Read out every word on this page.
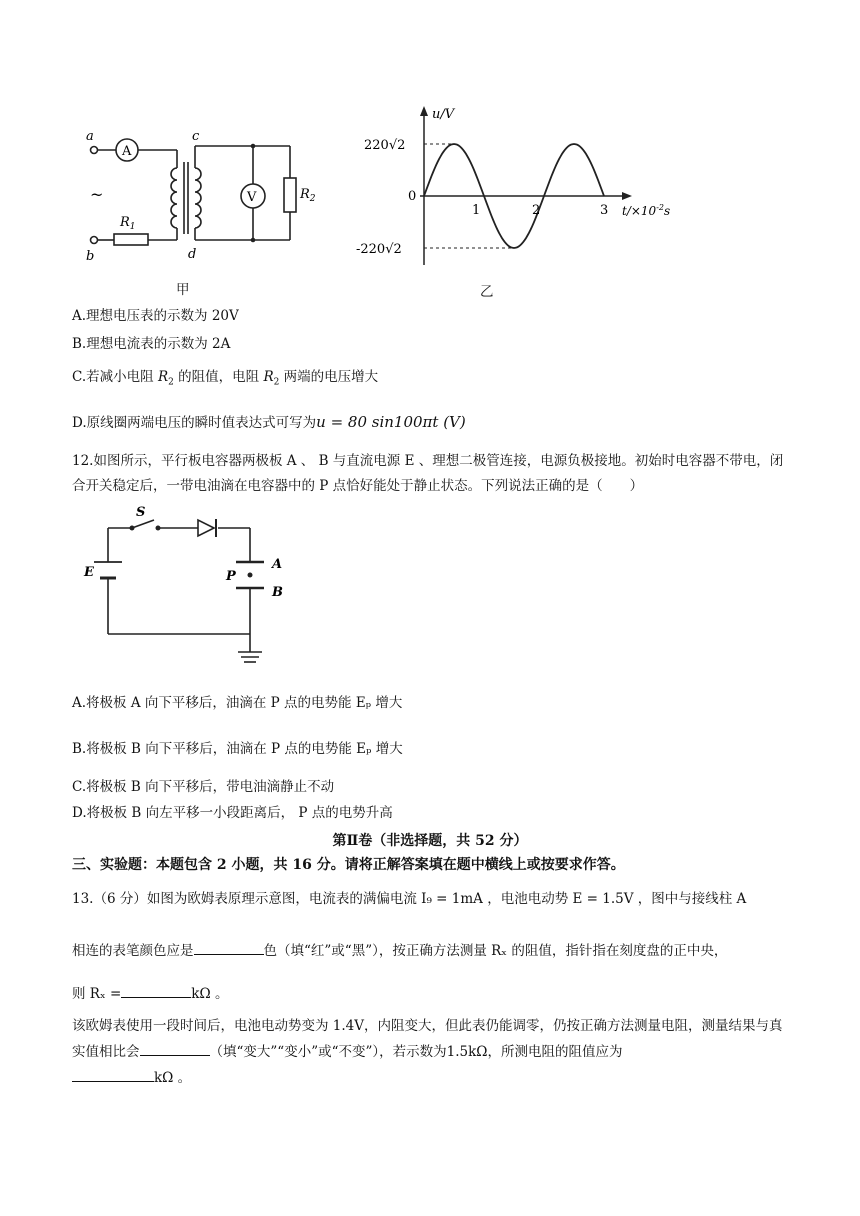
a
b
A
V
~
$R_1$
$R_2$
c
d
甲
u/V
$t/\times 10^{-2}s$
220√2
-220√2
0
1	2	3
乙
A.理想电压表的示数为 20V
B.理想电流表的示数为 2A
C.若减小电阻 $R_2$ 的阻值，电阻 $R_2$ 两端的电压增大
D.原线圈两端电压的瞬时值表达式可写为u = 80 sin100πt (V)
12.如图所示，平行板电容器两极板 A 、 B 与直流电源 E 、理想二极管连接，电源负极接地。初始时电容器不带电，闭合开关稳定后，一带电油滴在电容器中的 P 点恰好能处于静止状态。下列说法正确的是（　　）
S
E
A
B
P
A.将极板 A 向下平移后，油滴在 P 点的电势能 Eₚ 增大
B.将极板 B 向下平移后，油滴在 P 点的电势能 Eₚ 增大
C.将极板 B 向下平移后，带电油滴静止不动
D.将极板 B 向左平移一小段距离后， P 点的电势升高
第Ⅱ卷（非选择题，共 52 分）
三、实验题：本题包含 2 小题，共 16 分。请将正解答案填在题中横线上或按要求作答。
13.（6 分）如图为欧姆表原理示意图，电流表的满偏电流 I₉ = 1mA ，电池电动势 E = 1.5V ，图中与接线柱 A
相连的表笔颜色应是	色（填“红”或“黑”），按正确方法测量 Rₓ 的阻值，指针指在刻度盘的正中央，
则 Rₓ =	kΩ 。
该欧姆表使用一段时间后，电池电动势变为 1.4V，内阻变大，但此表仍能调零，仍按正确方法测量电阻，测量结果与真实值相比会	（填“变大”“变小”或“不变”），若示数为1.5kΩ，所测电阻的阻值应为
kΩ 。
